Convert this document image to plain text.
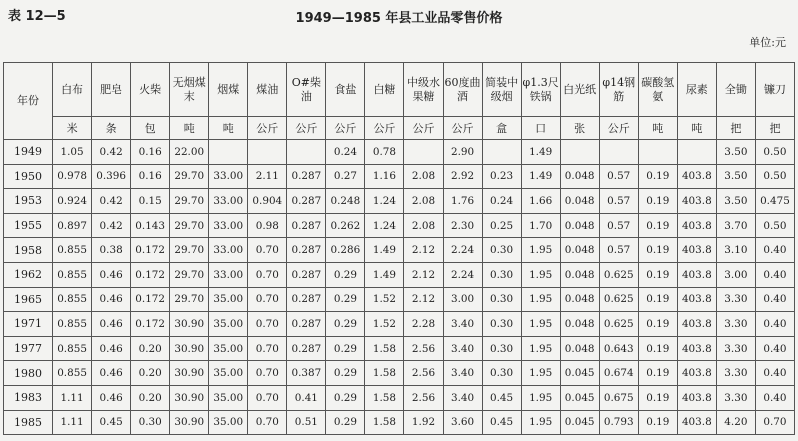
表 12—5	1949—1985 年县工业品零售价格
单位:元
年份	白布	肥皂	火柴	无烟煤末	烟煤	煤油	O#柴油	食盐	白糖	中级水果糖	60度曲酒	简装中级烟	φ1.3尺铁锅	白光纸	φ14钢筋	碳酸氢氨	尿素	全锄	镰刀

	米	条	包	吨	吨	公斤	公斤	公斤	公斤	公斤	公斤	盒	口	张	公斤	吨	吨	把	把
1949	1.05	0.42	0.16	22.00				0.24	0.78		2.90		1.49					3.50	0.50
1950	0.978	0.396	0.16	29.70	33.00	2.11	0.287	0.27	1.16	2.08	2.92	0.23	1.49	0.048	0.57	0.19	403.8	3.50	0.50
1953	0.924	0.42	0.15	29.70	33.00	0.904	0.287	0.248	1.24	2.08	1.76	0.24	1.66	0.048	0.57	0.19	403.8	3.50	0.475
1955	0.897	0.42	0.143	29.70	33.00	0.98	0.287	0.262	1.24	2.08	2.30	0.25	1.70	0.048	0.57	0.19	403.8	3.70	0.50
1958	0.855	0.38	0.172	29.70	33.00	0.70	0.287	0.286	1.49	2.12	2.24	0.30	1.95	0.048	0.57	0.19	403.8	3.10	0.40
1962	0.855	0.46	0.172	29.70	33.00	0.70	0.287	0.29	1.49	2.12	2.24	0.30	1.95	0.048	0.625	0.19	403.8	3.00	0.40
1965	0.855	0.46	0.172	29.70	35.00	0.70	0.287	0.29	1.52	2.12	3.00	0.30	1.95	0.048	0.625	0.19	403.8	3.30	0.40
1971	0.855	0.46	0.172	30.90	35.00	0.70	0.287	0.29	1.52	2.28	3.40	0.30	1.95	0.048	0.625	0.19	403.8	3.30	0.40
1977	0.855	0.46	0.20	30.90	35.00	0.70	0.287	0.29	1.58	2.56	3.40	0.30	1.95	0.048	0.643	0.19	403.8	3.30	0.40
1980	0.855	0.46	0.20	30.90	35.00	0.70	0.387	0.29	1.58	2.56	3.40	0.30	1.95	0.045	0.674	0.19	403.8	3.30	0.40
1983	1.11	0.46	0.20	30.90	35.00	0.70	0.41	0.29	1.58	2.56	3.40	0.45	1.95	0.045	0.675	0.19	403.8	3.30	0.40
1985	1.11	0.45	0.30	30.90	35.00	0.70	0.51	0.29	1.58	1.92	3.60	0.45	1.95	0.045	0.793	0.19	403.8	4.20	0.70
